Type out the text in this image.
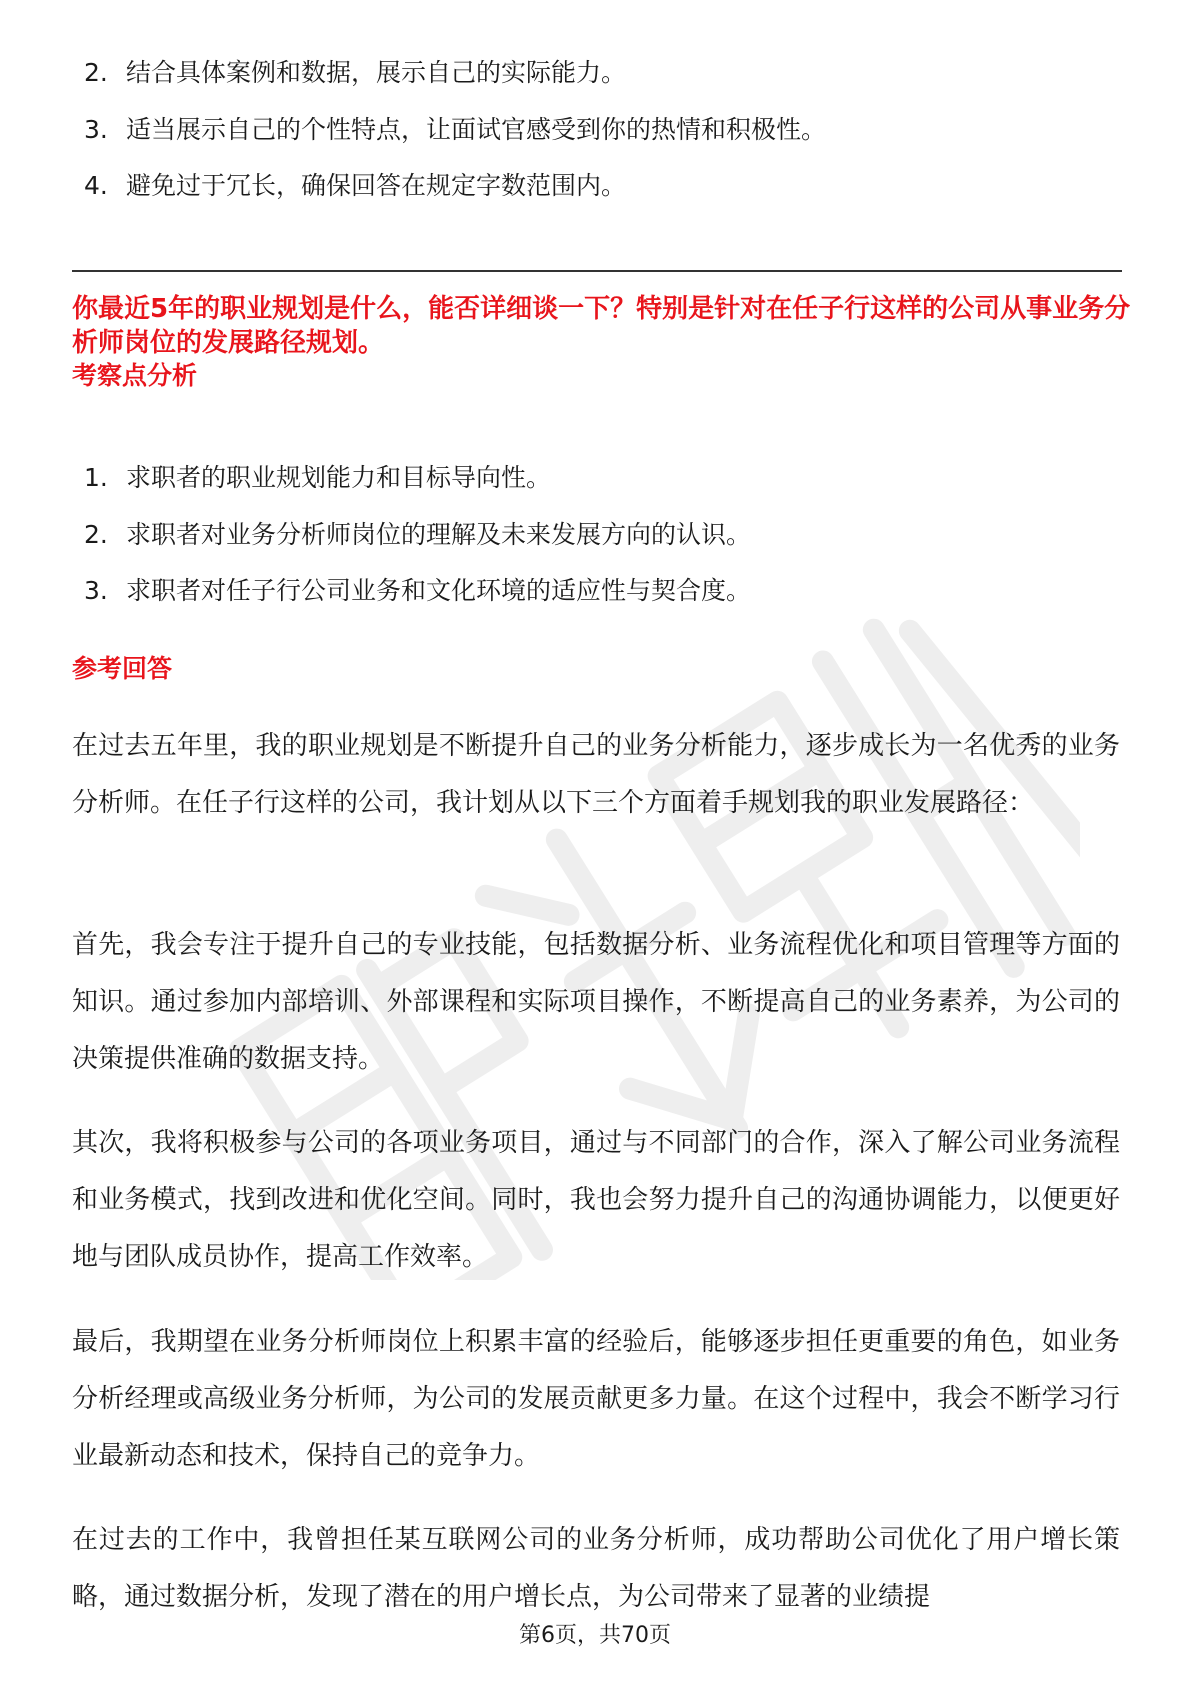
2. 结合具体案例和数据，展示自己的实际能力。
3. 适当展示自己的个性特点，让面试官感受到你的热情和积极性。
4. 避免过于冗长，确保回答在规定字数范围内。
你最近5年的职业规划是什么，能否详细谈一下？特别是针对在任子行这样的公司从事业务分析师岗位的发展路径规划。
考察点分析
1. 求职者的职业规划能力和目标导向性。
2. 求职者对业务分析师岗位的理解及未来发展方向的认识。
3. 求职者对任子行公司业务和文化环境的适应性与契合度。
参考回答

在过去五年里，我的职业规划是不断提升自己的业务分析能力，逐步成长为一名优秀的业务分析师。在任子行这样的公司，我计划从以下三个方面着手规划我的职业发展路径：

首先，我会专注于提升自己的专业技能，包括数据分析、业务流程优化和项目管理等方面的知识。通过参加内部培训、外部课程和实际项目操作，不断提高自己的业务素养，为公司的决策提供准确的数据支持。

其次，我将积极参与公司的各项业务项目，通过与不同部门的合作，深入了解公司业务流程和业务模式，找到改进和优化空间。同时，我也会努力提升自己的沟通协调能力，以便更好地与团队成员协作，提高工作效率。

最后，我期望在业务分析师岗位上积累丰富的经验后，能够逐步担任更重要的角色，如业务分析经理或高级业务分析师，为公司的发展贡献更多力量。在这个过程中，我会不断学习行业最新动态和技术，保持自己的竞争力。

在过去的工作中，我曾担任某互联网公司的业务分析师，成功帮助公司优化了用户增长策略，通过数据分析，发现了潜在的用户增长点，为公司带来了显著的业绩提

第6页，共70页
